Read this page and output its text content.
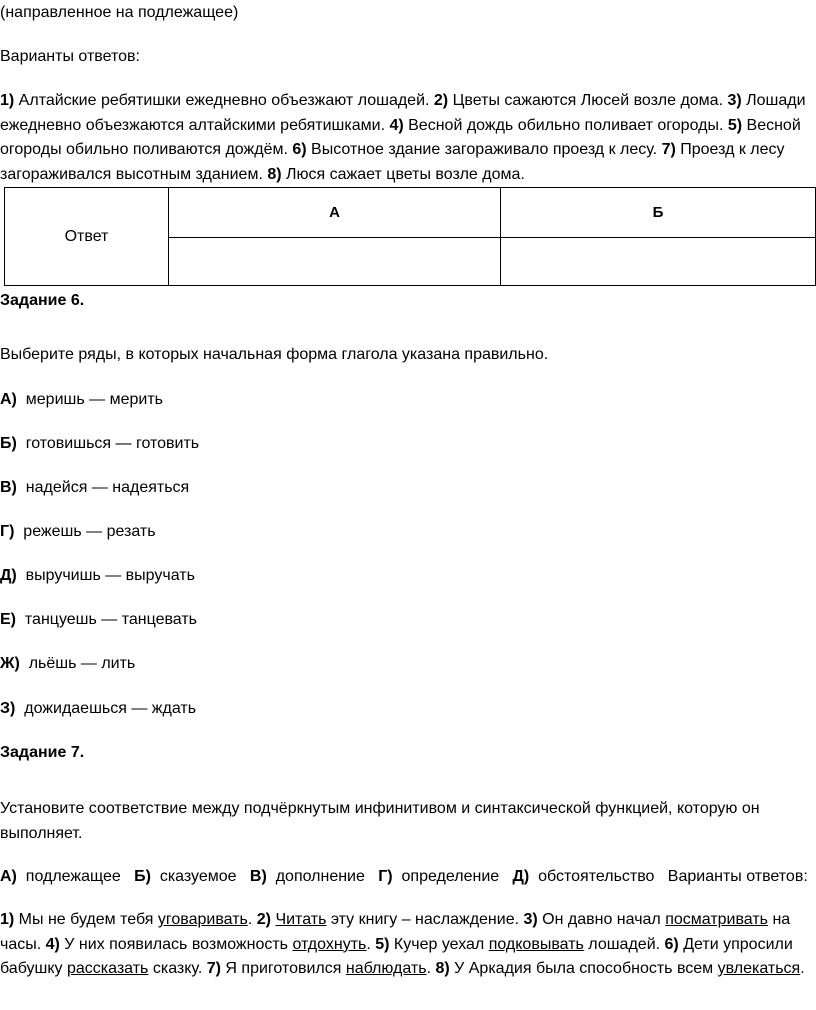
(направленное на подлежащее)
Варианты ответов:
1) Алтайские ребятишки ежедневно объезжают лошадей. 2) Цветы сажаются Люсей возле дома. 3) Лошади ежедневно объезжаются алтайскими ребятишками. 4) Весной дождь обильно поливает огороды. 5) Весной огороды обильно поливаются дождём. 6) Высотное здание загораживало проезд к лесу. 7) Проезд к лесу загораживался высотным зданием. 8) Люся сажает цветы возле дома.
Ответ	А	Б

Задание 6.
Выберите ряды, в которых начальная форма глагола указана правильно.
А) меришь — мерить
Б) готовишься — готовить
В) надейся — надеяться
Г) режешь — резать
Д) выручишь — выручать
Е) танцуешь — танцевать
Ж) льёшь — лить
З) дожидаешься — ждать
Задание 7.
Установите соответствие между подчёркнутым инфинитивом и синтаксической функцией, которую он выполняет.
А) подлежащее Б) сказуемое В) дополнение Г) определение Д) обстоятельство Варианты ответов:
1) Мы не будем тебя уговаривать. 2) Читать эту книгу – наслаждение. 3) Он давно начал посматривать на часы. 4) У них появилась возможность отдохнуть. 5) Кучер уехал подковывать лошадей. 6) Дети упросили бабушку рассказать сказку. 7) Я приготовился наблюдать. 8) У Аркадия была способность всем увлекаться.
